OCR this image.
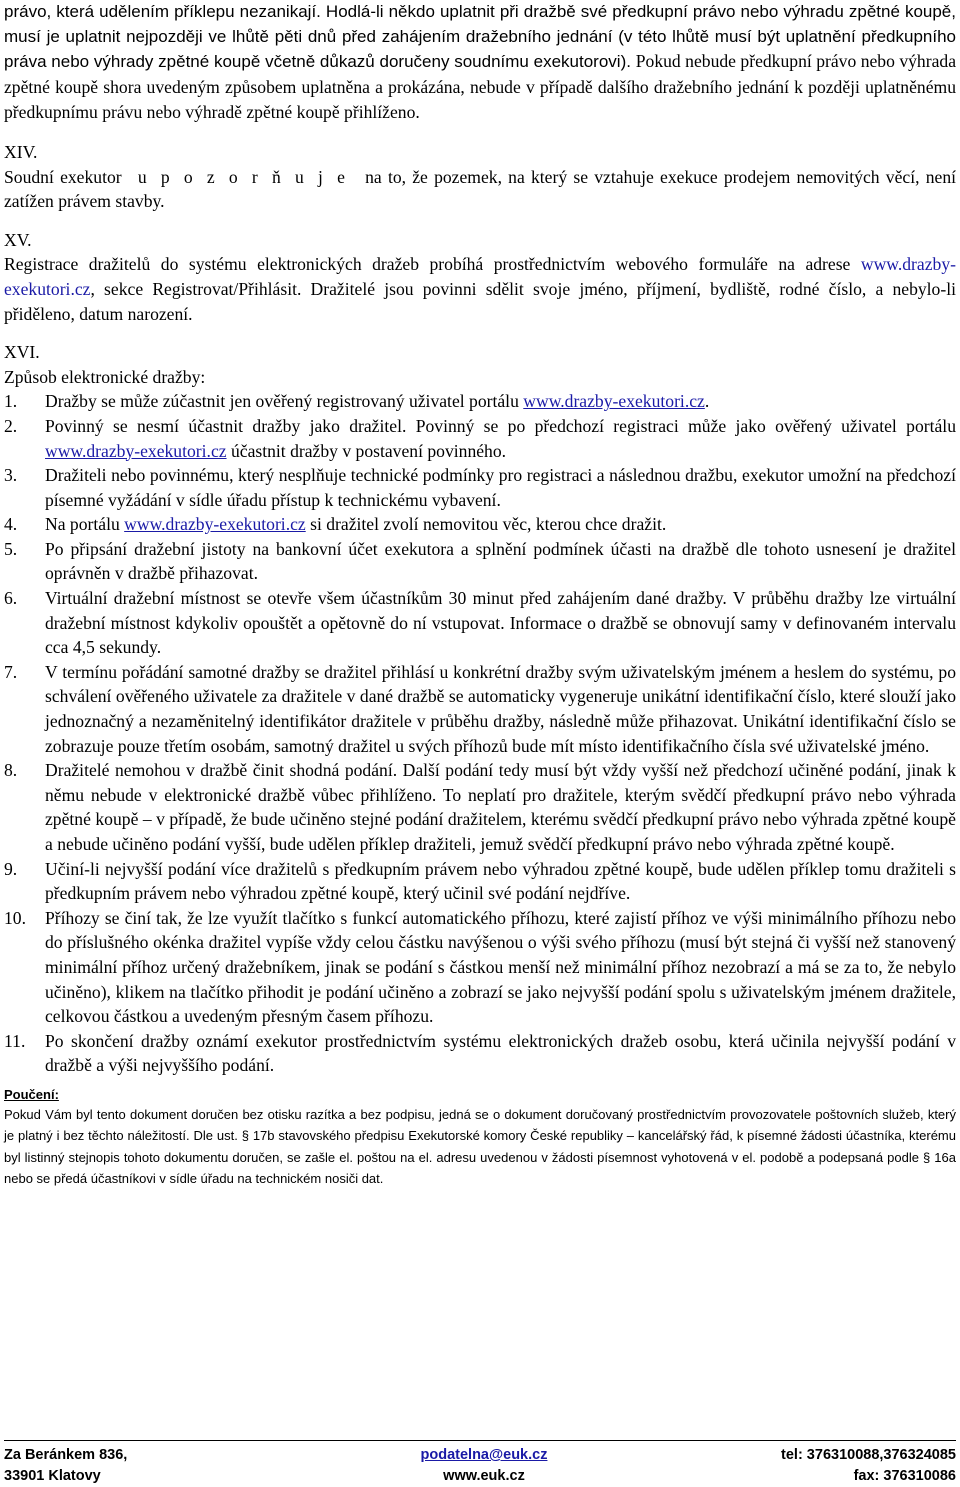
právo, která udělením příklepu nezanikají. Hodlá-li někdo uplatnit při dražbě své předkupní právo nebo výhradu zpětné koupě, musí je uplatnit nejpozději ve lhůtě pěti dnů před zahájením dražebního jednání (v této lhůtě musí být uplatnění předkupního práva nebo výhrady zpětné koupě včetně důkazů doručeny soudnímu exekutorovi). Pokud nebude předkupní právo nebo výhrada zpětné koupě shora uvedeným způsobem uplatněna a prokázána, nebude v případě dalšího dražebního jednání k později uplatněnému předkupnímu právu nebo výhradě zpětné koupě přihlíženo.
XIV.
Soudní exekutor u p o z o r ň u j e na to, že pozemek, na který se vztahuje exekuce prodejem nemovitých věcí, není zatížen právem stavby.
XV.
Registrace dražitelů do systému elektronických dražeb probíhá prostřednictvím webového formuláře na adrese www.drazby-exekutori.cz, sekce Registrovat/Přihlásit. Dražitelé jsou povinni sdělit svoje jméno, příjmení, bydliště, rodné číslo, a nebylo-li přiděleno, datum narození.
XVI.
Způsob elektronické dražby:
1. Dražby se může zúčastnit jen ověřený registrovaný uživatel portálu www.drazby-exekutori.cz.
2. Povinný se nesmí účastnit dražby jako dražitel. Povinný se po předchozí registraci může jako ověřený uživatel portálu www.drazby-exekutori.cz účastnit dražby v postavení povinného.
3. Dražiteli nebo povinnému, který nesplňuje technické podmínky pro registraci a následnou dražbu, exekutor umožní na předchozí písemné vyžádání v sídle úřadu přístup k technickému vybavení.
4. Na portálu www.drazby-exekutori.cz si dražitel zvolí nemovitou věc, kterou chce dražit.
5. Po připsání dražební jistoty na bankovní účet exekutora a splnění podmínek účasti na dražbě dle tohoto usnesení je dražitel oprávněn v dražbě přihazovat.
6. Virtuální dražební místnost se otevře všem účastníkům 30 minut před zahájením dané dražby. V průběhu dražby lze virtuální dražební místnost kdykoliv opouštět a opětovně do ní vstupovat. Informace o dražbě se obnovují samy v definovaném intervalu cca 4,5 sekundy.
7. V termínu pořádání samotné dražby se dražitel přihlásí u konkrétní dražby svým uživatelským jménem a heslem do systému, po schválení ověřeného uživatele za dražitele v dané dražbě se automaticky vygeneruje unikátní identifikační číslo, které slouží jako jednoznačný a nezaměnitelný identifikátor dražitele v průběhu dražby, následně může přihazovat. Unikátní identifikační číslo se zobrazuje pouze třetím osobám, samotný dražitel u svých příhozů bude mít místo identifikačního čísla své uživatelské jméno.
8. Dražitelé nemohou v dražbě činit shodná podání. Další podání tedy musí být vždy vyšší než předchozí učiněné podání, jinak k němu nebude v elektronické dražbě vůbec přihlíženo. To neplatí pro dražitele, kterým svědčí předkupní právo nebo výhrada zpětné koupě – v případě, že bude učiněno stejné podání dražitelem, kterému svědčí předkupní právo nebo výhrada zpětné koupě a nebude učiněno podání vyšší, bude udělen příklep dražiteli, jemuž svědčí předkupní právo nebo výhrada zpětné koupě.
9. Učiní-li nejvyšší podání více dražitelů s předkupním právem nebo výhradou zpětné koupě, bude udělen příklep tomu dražiteli s předkupním právem nebo výhradou zpětné koupě, který učinil své podání nejdříve.
10. Příhozy se činí tak, že lze využít tlačítko s funkcí automatického příhozu, které zajistí příhoz ve výši minimálního příhozu nebo do příslušného okénka dražitel vypíše vždy celou částku navýšenou o výši svého příhozu (musí být stejná či vyšší než stanovený minimální příhoz určený dražebníkem, jinak se podání s částkou menší než minimální příhoz nezobrazí a má se za to, že nebylo učiněno), klikem na tlačítko přihodit je podání učiněno a zobrazí se jako nejvyšší podání spolu s uživatelským jménem dražitele, celkovou částkou a uvedeným přesným časem příhozu.
11. Po skončení dražby oznámí exekutor prostřednictvím systému elektronických dražeb osobu, která učinila nejvyšší podání v dražbě a výši nejvyššího podání.
Poučení:
Pokud Vám byl tento dokument doručen bez otisku razítka a bez podpisu, jedná se o dokument doručovaný prostřednictvím provozovatele poštovních služeb, který je platný i bez těchto náležitostí. Dle ust. § 17b stavovského předpisu Exekutorské komory České republiky – kancelářský řád, k písemné žádosti účastníka, kterému byl listinný stejnopis tohoto dokumentu doručen, se zašle el. poštou na el. adresu uvedenou v žádosti písemnost vyhotovená v el. podobě a podepsaná podle § 16a nebo se předá účastníkovi v sídle úřadu na technickém nosiči dat.
Za Beránkem 836,	podatelna@euk.cz	tel: 376310088,376324085
33901 Klatovy	www.euk.cz	fax: 376310086
